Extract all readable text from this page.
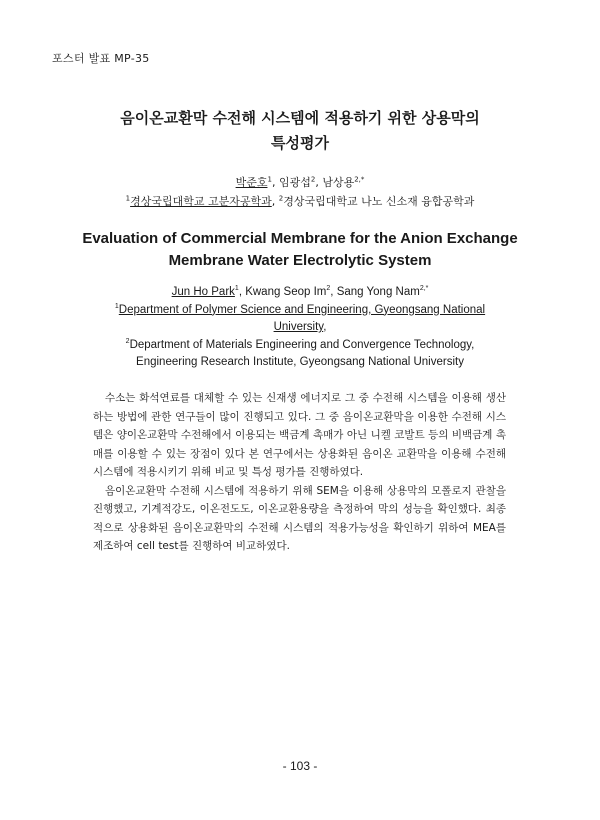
포스터 발표 MP-35
음이온교환막 수전해 시스템에 적용하기 위한 상용막의
특성평가
박준호$^1$, 임광섭$^2$, 남상용$^{2,*}$
$^1$경상국립대학교 고분자공학과, $^2$경상국립대학교 나노 신소재 융합공학과
Evaluation of Commercial Membrane for the Anion Exchange
Membrane Water Electrolytic System
Jun Ho Park$^1$, Kwang Seop Im$^2$, Sang Yong Nam$^{2,*}$
$^1$Department of Polymer Science and Engineering, Gyeongsang National
University,
$^2$Department of Materials Engineering and Convergence Technology,
Engineering Research Institute, Gyeongsang National University

수소는 화석연료를 대체할 수 있는 신재생 에너지로 그 중 수전해 시스템을 이용해 생산하는 방법에 관한 연구들이 많이 진행되고 있다. 그 중 음이온교환막을 이용한 수전해 시스템은 양이온교환막 수전해에서 이용되는 백금계 촉매가 아닌 니켈 코발트 등의 비백금계 촉매를 이용할 수 있는 장점이 있다 본 연구에서는 상용화된 음이온 교환막을 이용해 수전해 시스템에 적용시키기 위해 비교 및 특성 평가를 진행하였다.

음이온교환막 수전해 시스템에 적용하기 위해 SEM을 이용해 상용막의 모폴로지 관찰을 진행했고, 기계적강도, 이온전도도, 이온교환용량을 측정하여 막의 성능을 확인했다. 최종적으로 상용화된 음이온교환막의 수전해 시스템의 적용가능성을 확인하기 위하여 MEA를 제조하여 cell test를 진행하여 비교하였다.

- 103 -
